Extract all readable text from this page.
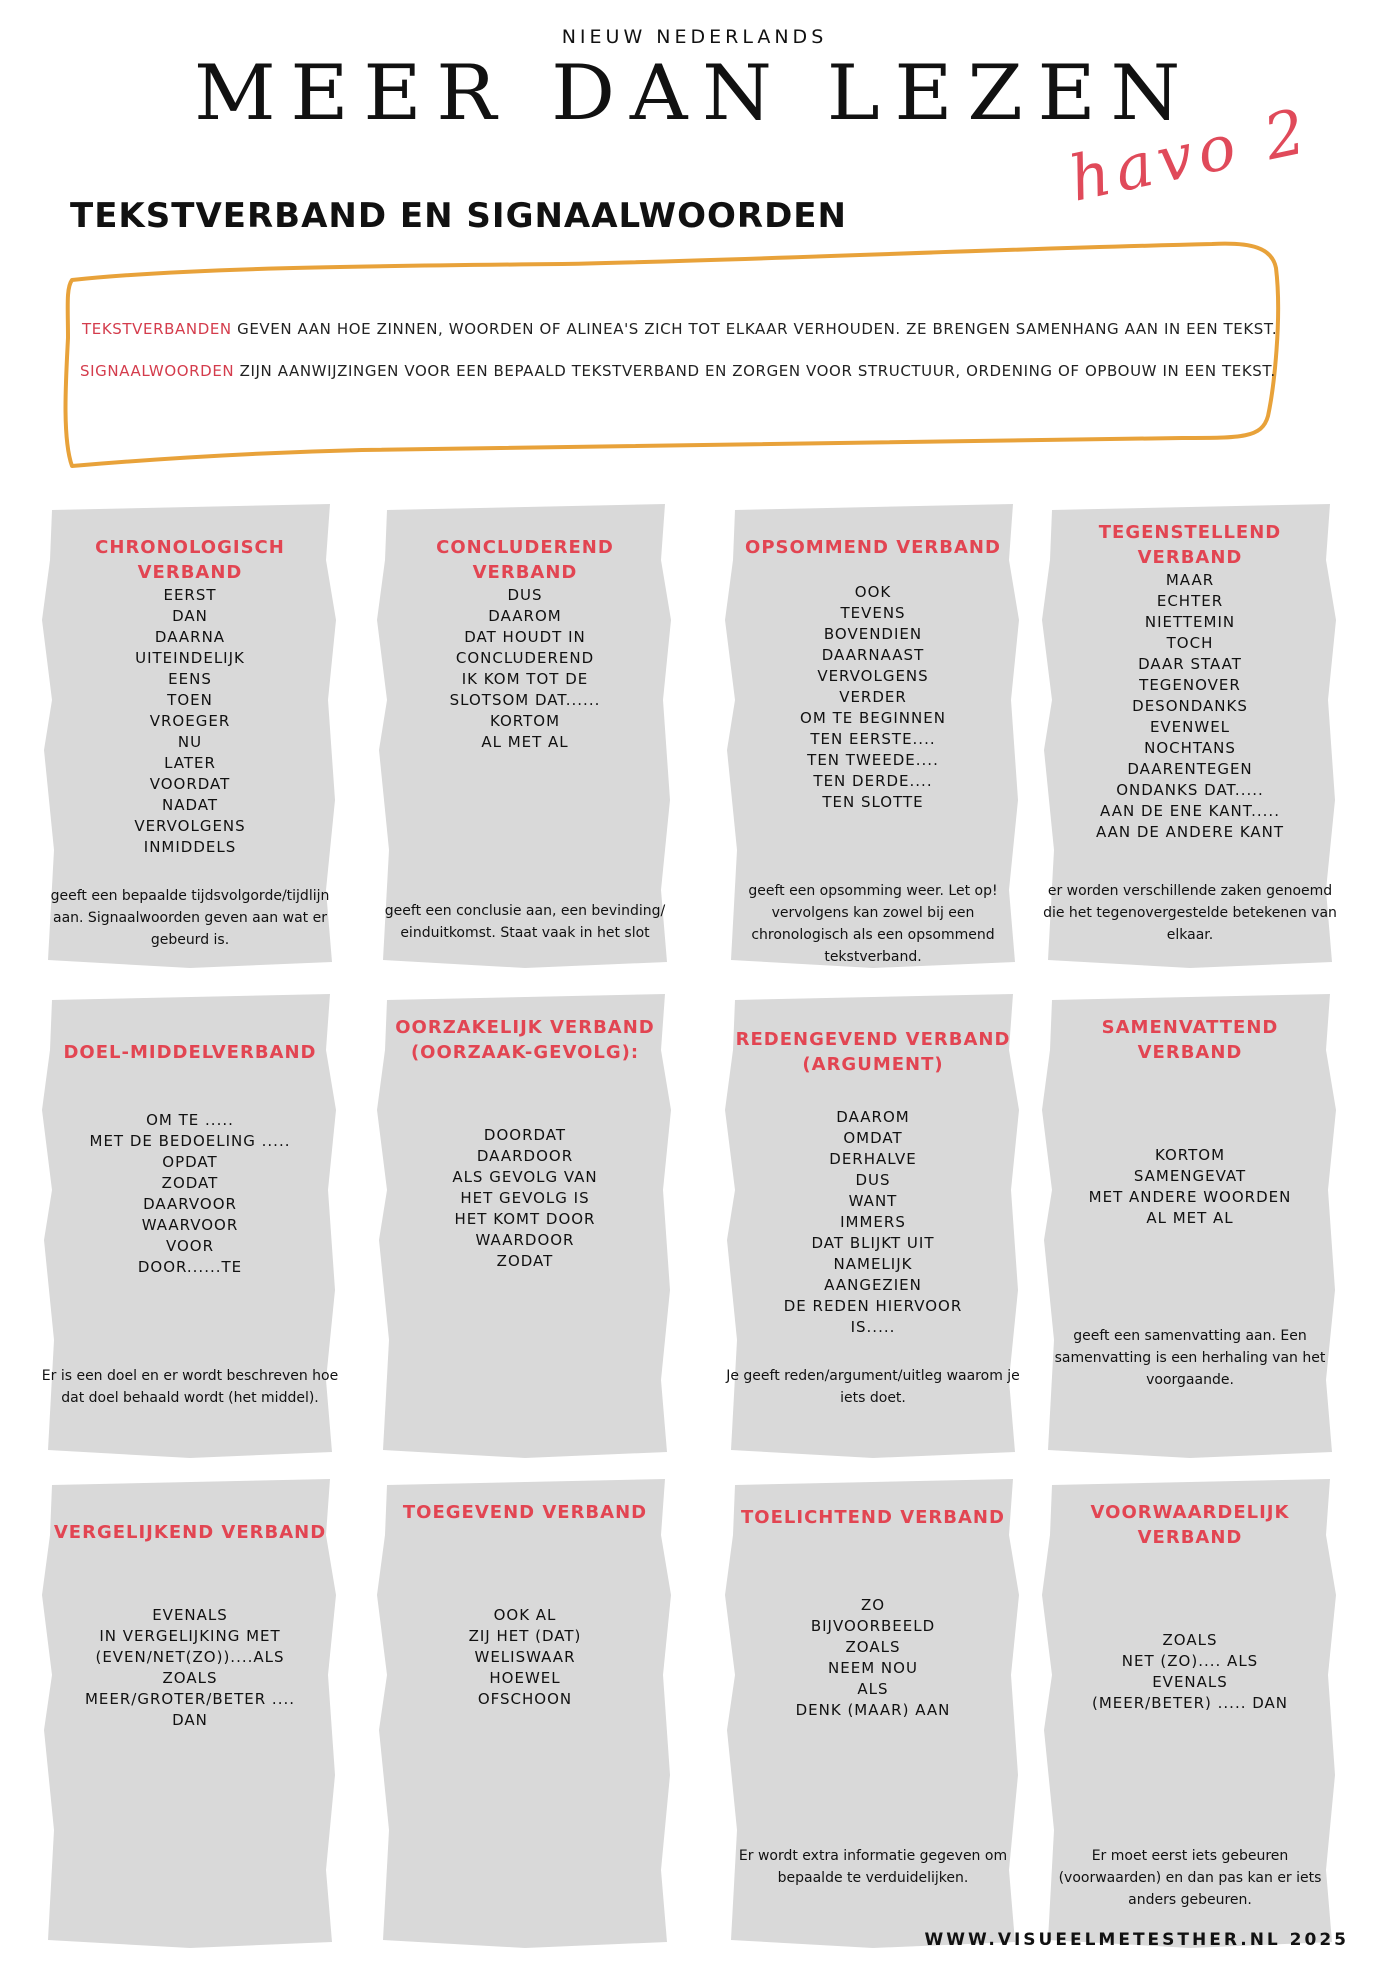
NIEUW NEDERLANDS
MEER DAN LEZEN
havo 2
TEKSTVERBAND EN SIGNAALWOORDEN

TEKSTVERBANDEN GEVEN AAN HOE ZINNEN, WOORDEN OF ALINEA'S ZICH TOT ELKAAR VERHOUDEN. ZE BRENGEN SAMENHANG AAN IN EEN TEKST.

SIGNAALWOORDEN ZIJN AANWIJZINGEN VOOR EEN BEPAALD TEKSTVERBAND EN ZORGEN VOOR STRUCTUUR, ORDENING OF OPBOUW IN EEN TEKST.

CHRONOLOGISCH VERBAND
EERST
DAN
DAARNA
UITEINDELIJK
EENS
TOEN
VROEGER
NU
LATER
VOORDAT
NADAT
VERVOLGENS
INMIDDELS
geeft een bepaalde tijdsvolgorde/tijdlijn aan. Signaalwoorden geven aan wat er gebeurd is.
CONCLUDEREND VERBAND
DUS
DAAROM
DAT HOUDT IN
CONCLUDEREND
IK KOM TOT DE
SLOTSOM DAT......
KORTOM
AL MET AL
geeft een conclusie aan, een bevinding/ einduitkomst. Staat vaak in het slot
OPSOMMEND VERBAND
OOK
TEVENS
BOVENDIEN
DAARNAAST
VERVOLGENS
VERDER
OM TE BEGINNEN
TEN EERSTE....
TEN TWEEDE....
TEN DERDE....
TEN SLOTTE
geeft een opsomming weer. Let op! vervolgens kan zowel bij een chronologisch als een opsommend tekstverband.
TEGENSTELLEND VERBAND
MAAR
ECHTER
NIETTEMIN
TOCH
DAAR STAAT
TEGENOVER
DESONDANKS
EVENWEL
NOCHTANS
DAARENTEGEN
ONDANKS DAT.....
AAN DE ENE KANT.....
AAN DE ANDERE KANT
er worden verschillende zaken genoemd die het tegenovergestelde betekenen van elkaar.
DOEL-MIDDELVERBAND
OM TE .....
MET DE BEDOELING .....
OPDAT
ZODAT
DAARVOOR
WAARVOOR
VOOR
DOOR......TE
Er is een doel en er wordt beschreven hoe dat doel behaald wordt (het middel).
OORZAKELIJK VERBAND (OORZAAK-GEVOLG):
DOORDAT
DAARDOOR
ALS GEVOLG VAN
HET GEVOLG IS
HET KOMT DOOR
WAARDOOR
ZODAT
REDENGEVEND VERBAND (ARGUMENT)
DAAROM
OMDAT
DERHALVE
DUS
WANT
IMMERS
DAT BLIJKT UIT
NAMELIJK
AANGEZIEN
DE REDEN HIERVOOR
IS.....
Je geeft reden/argument/uitleg waarom je iets doet.
SAMENVATTEND VERBAND
KORTOM
SAMENGEVAT
MET ANDERE WOORDEN
AL MET AL
geeft een samenvatting aan. Een samenvatting is een herhaling van het voorgaande.
VERGELIJKEND VERBAND
EVENALS
IN VERGELIJKING MET
(EVEN/NET(ZO))....ALS
ZOALS
MEER/GROTER/BETER ....
DAN
TOEGEVEND VERBAND
OOK AL
ZIJ HET (DAT)
WELISWAAR
HOEWEL
OFSCHOON
TOELICHTEND VERBAND
ZO
BIJVOORBEELD
ZOALS
NEEM NOU
ALS
DENK (MAAR) AAN
Er wordt extra informatie gegeven om bepaalde te verduidelijken.
VOORWAARDELIJK VERBAND
ZOALS
NET (ZO).... ALS
EVENALS
(MEER/BETER) ..... DAN
Er moet eerst iets gebeuren (voorwaarden) en dan pas kan er iets anders gebeuren.
WWW.VISUEELMETESTHER.NL 2025
